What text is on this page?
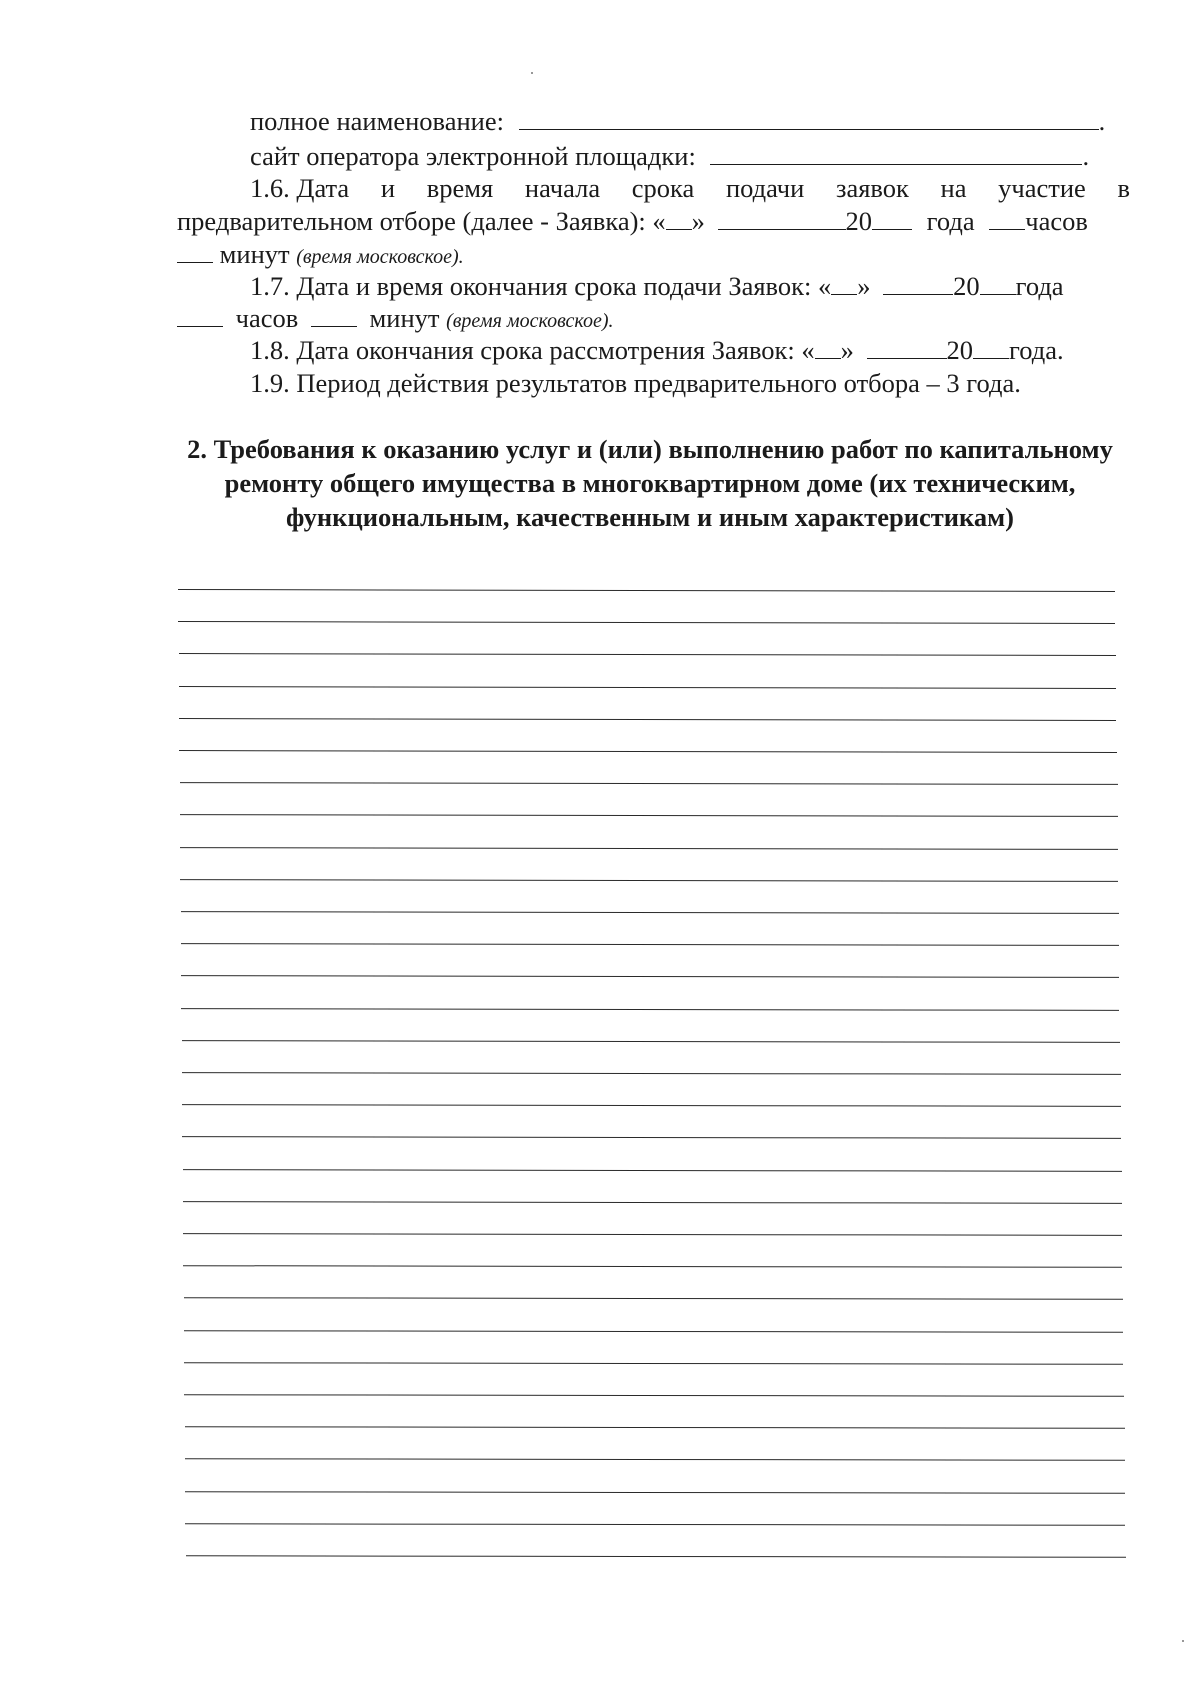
полное наименование:	.
сайт оператора электронной площадки:	.
1.6. Дата и время начала срока подачи заявок на участие в
предварительном отборе (далее - Заявка): « »	20 года часов
минут (время московское).
1.7. Дата и время окончания срока подачи Заявок: « »	20 года
часов	минут (время московское).
1.8. Дата окончания срока рассмотрения Заявок: « »	20 года.
1.9. Период действия результатов предварительного отбора – 3 года.
2. Требования к оказанию услуг и (или) выполнению работ по капитальному ремонту общего имущества в многоквартирном доме (их техническим, функциональным, качественным и иным характеристикам)
